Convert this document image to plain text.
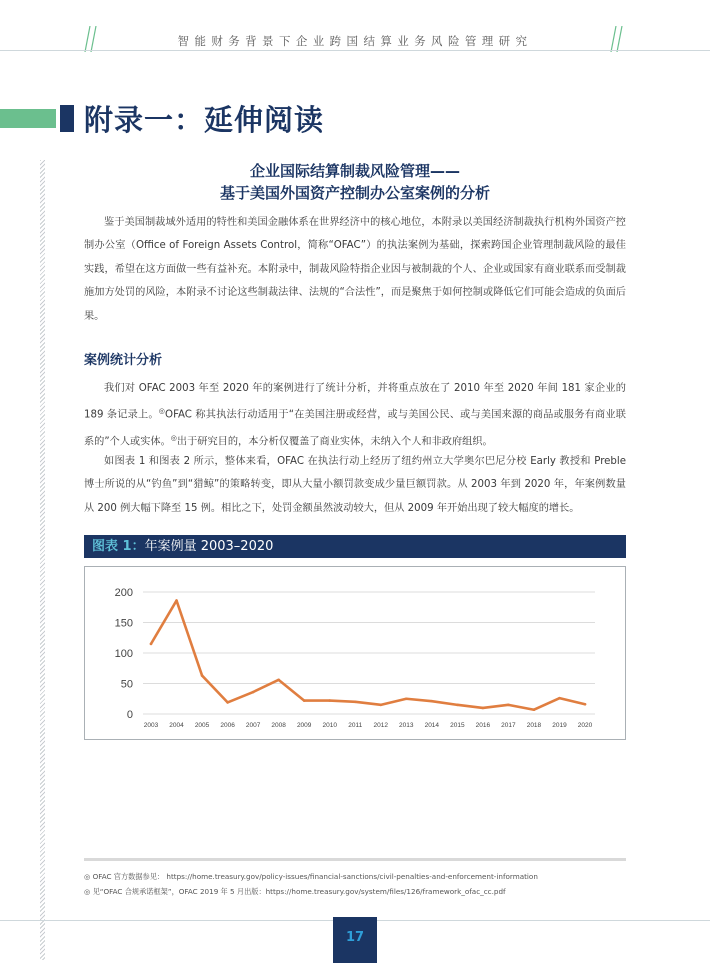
智能财务背景下企业跨国结算业务风险管理研究
附录一：延伸阅读
企业国际结算制裁风险管理——
基于美国外国资产控制办公室案例的分析

鉴于美国制裁域外适用的特性和美国金融体系在世界经济中的核心地位，本附录以美国经济制裁执行机构外国资产控制办公室（Office of Foreign Assets Control，简称“OFAC”）的执法案例为基础，探索跨国企业管理制裁风险的最佳实践，希望在这方面做一些有益补充。本附录中，制裁风险特指企业因与被制裁的个人、企业或国家有商业联系而受制裁施加方处罚的风险，本附录不讨论这些制裁法律、法规的“合法性”，而是聚焦于如何控制或降低它们可能会造成的负面后果。

案例统计分析

我们对 OFAC 2003 年至 2020 年的案例进行了统计分析，并将重点放在了 2010 年至 2020 年间 181 家企业的 189 条记录上。◎OFAC 称其执法行动适用于“在美国注册或经营，或与美国公民、或与美国来源的商品或服务有商业联系的”个人或实体。◎出于研究目的，本分析仅覆盖了商业实体，未纳入个人和非政府组织。

如图表 1 和图表 2 所示，整体来看，OFAC 在执法行动上经历了纽约州立大学奥尔巴尼分校 Early 教授和 Preble 博士所说的从“钓鱼”到“猎鲸”的策略转变，即从大量小额罚款变成少量巨额罚款。从 2003 年到 2020 年，年案例数量从 200 例大幅下降至 15 例。相比之下，处罚金额虽然波动较大，但从 2009 年开始出现了较大幅度的增长。

图表 1：年案例量 2003–2020
0
50
100
150
200
2003 2004 2005 2006 2007 2008 2009 2010 2011 2012 2013 2014 2015 2016 2017 2018 2019 2020

◎ OFAC 官方数据参见： https://home.treasury.gov/policy-issues/financial-sanctions/civil-penalties-and-enforcement-information

◎ 见“OFAC 合规承诺框架”，OFAC 2019 年 5 月出版：https://home.treasury.gov/system/files/126/framework_ofac_cc.pdf

17
